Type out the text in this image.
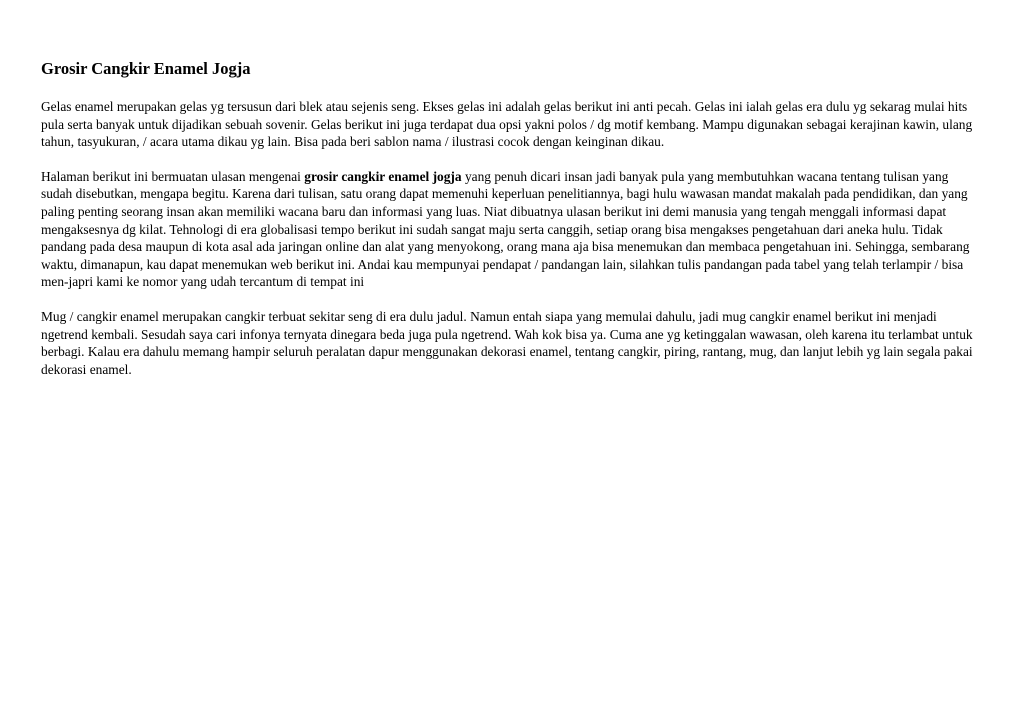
Grosir Cangkir Enamel Jogja

Gelas enamel merupakan gelas yg tersusun dari blek atau sejenis seng. Ekses gelas ini adalah gelas berikut ini anti pecah. Gelas ini ialah gelas era dulu yg sekarag mulai hits pula serta banyak untuk dijadikan sebuah sovenir. Gelas berikut ini juga terdapat dua opsi yakni polos / dg motif kembang. Mampu digunakan sebagai kerajinan kawin, ulang tahun, tasyukuran, / acara utama dikau yg lain. Bisa pada beri sablon nama / ilustrasi cocok dengan keinginan dikau.

Halaman berikut ini bermuatan ulasan mengenai grosir cangkir enamel jogja yang penuh dicari insan jadi banyak pula yang membutuhkan wacana tentang tulisan yang sudah disebutkan, mengapa begitu. Karena dari tulisan, satu orang dapat memenuhi keperluan penelitiannya, bagi hulu wawasan mandat makalah pada pendidikan, dan yang paling penting seorang insan akan memiliki wacana baru dan informasi yang luas. Niat dibuatnya ulasan berikut ini demi manusia yang tengah menggali informasi dapat mengaksesnya dg kilat. Tehnologi di era globalisasi tempo berikut ini sudah sangat maju serta canggih, setiap orang bisa mengakses pengetahuan dari aneka hulu. Tidak pandang pada desa maupun di kota asal ada jaringan online dan alat yang menyokong, orang mana aja bisa menemukan dan membaca pengetahuan ini. Sehingga, sembarang waktu, dimanapun, kau dapat menemukan web berikut ini. Andai kau mempunyai pendapat / pandangan lain, silahkan tulis pandangan pada tabel yang telah terlampir / bisa men-japri kami ke nomor yang udah tercantum di tempat ini

Mug / cangkir enamel merupakan cangkir terbuat sekitar seng di era dulu jadul. Namun entah siapa yang memulai dahulu, jadi mug cangkir enamel berikut ini menjadi ngetrend kembali. Sesudah saya cari infonya ternyata dinegara beda juga pula ngetrend. Wah kok bisa ya. Cuma ane yg ketinggalan wawasan, oleh karena itu terlambat untuk berbagi. Kalau era dahulu memang hampir seluruh peralatan dapur menggunakan dekorasi enamel, tentang cangkir, piring, rantang, mug, dan lanjut lebih yg lain segala pakai dekorasi enamel.
